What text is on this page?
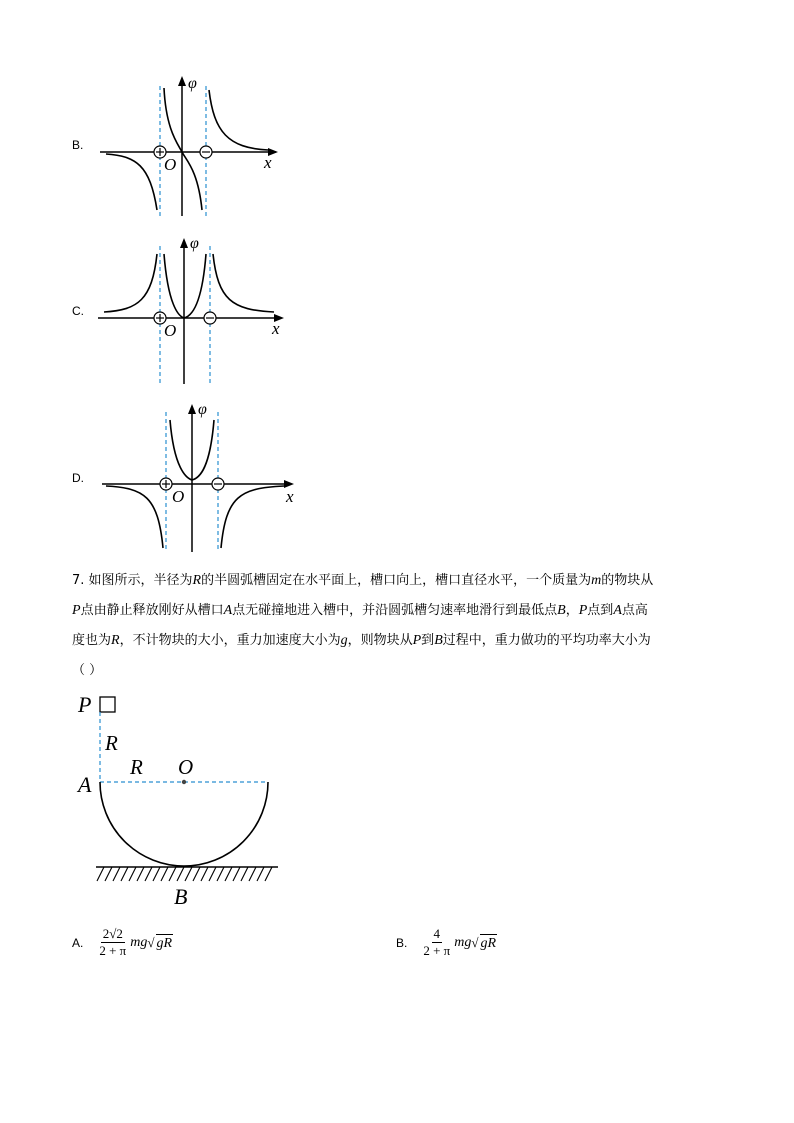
B.
φ
O	x
C.
φ
O	x
D.
φ
O	x

7. 如图所示，半径为R的半圆弧槽固定在水平面上，槽口向上，槽口直径水平，一个质量为m的物块从

P点由静止释放刚好从槽口A点无碰撞地进入槽中，并沿圆弧槽匀速率地滑行到最低点B，P点到A点高

度也为R，不计物块的大小，重力加速度大小为g，则物块从P到B过程中，重力做功的平均功率大小为

（ ）

P
R
R O
A
B
A. $\frac{2√2}{2 + \pi}$ mg √ gR	B. $\frac{4}{2 + \pi}$ mg √ gR
